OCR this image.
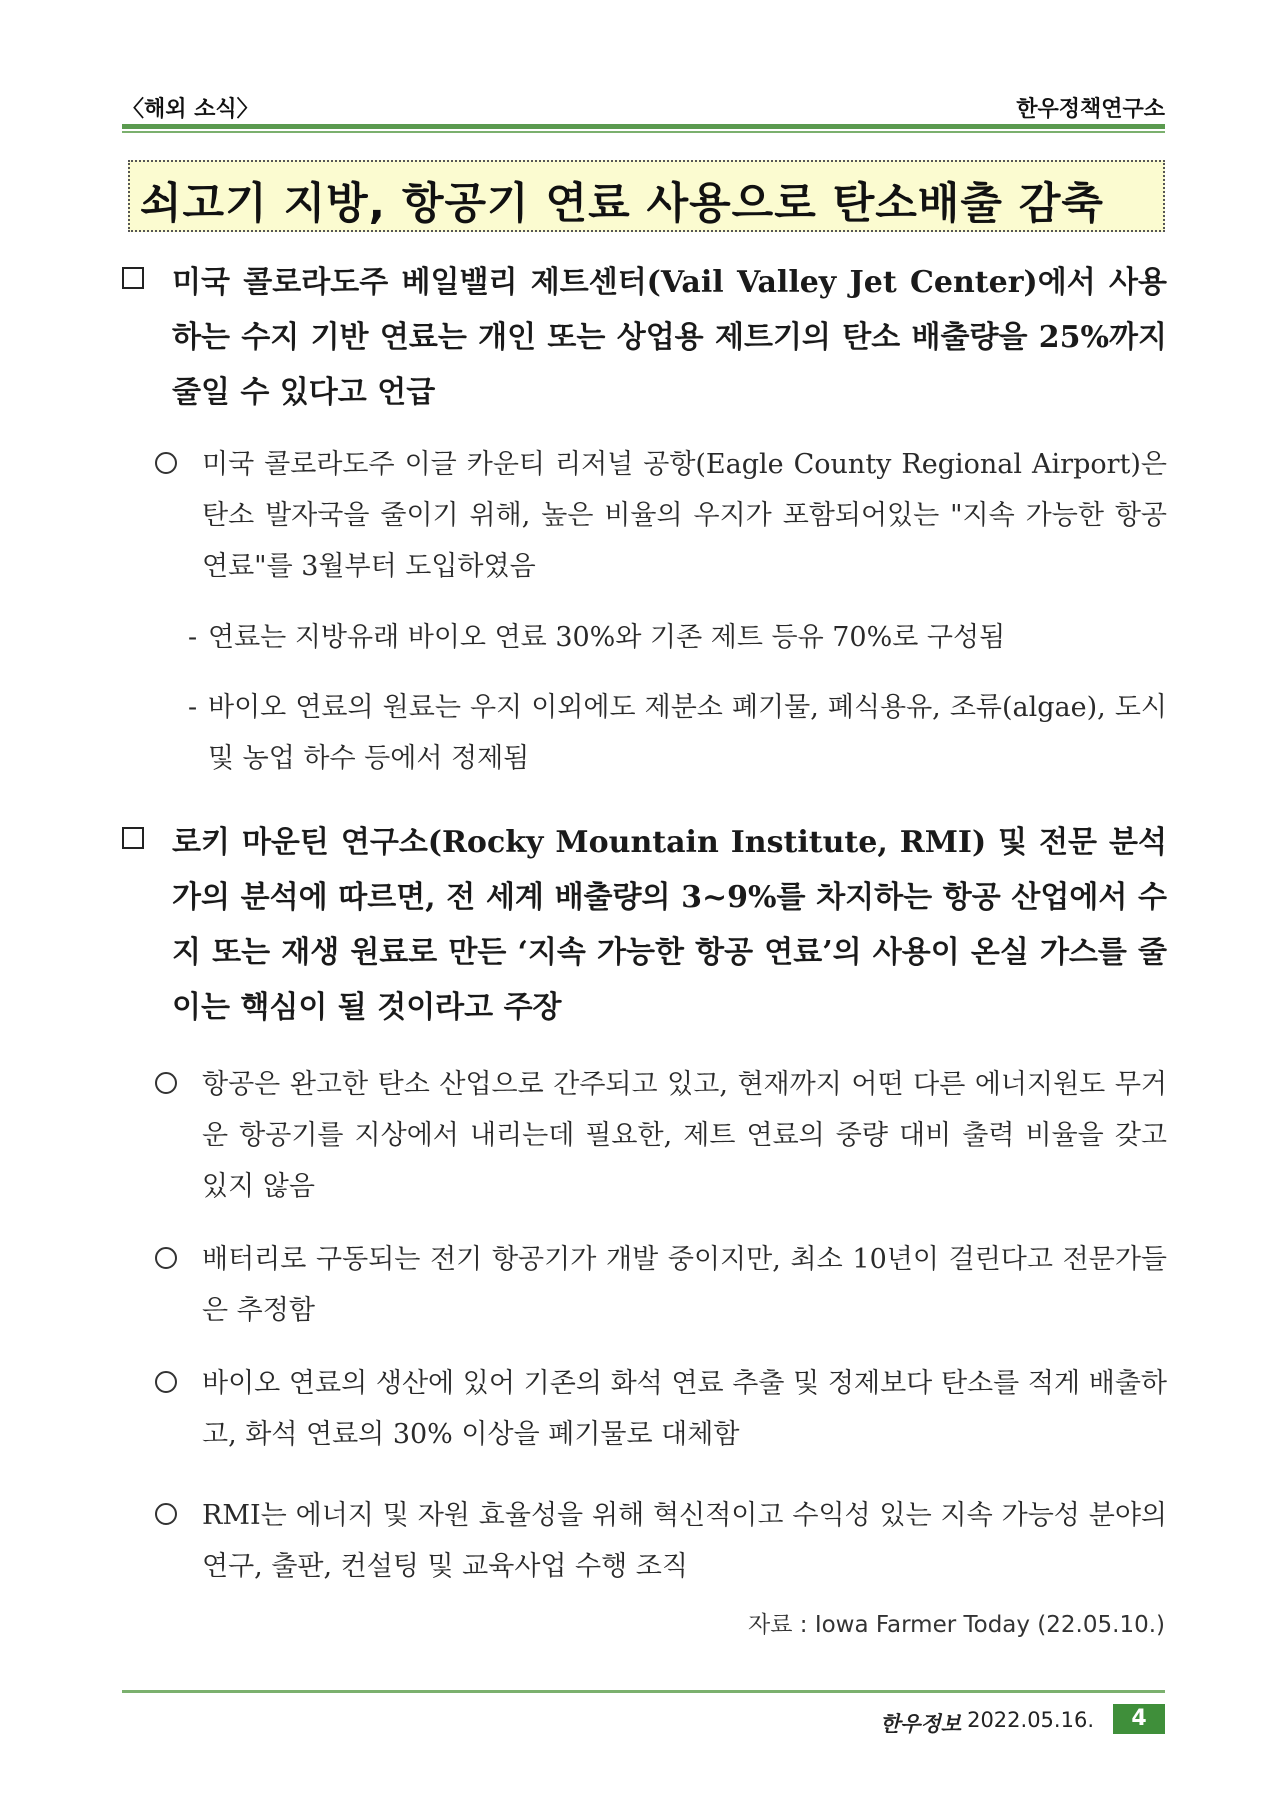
〈해외 소식〉	한우정책연구소
쇠고기 지방, 항공기 연료 사용으로 탄소배출 감축
미국 콜로라도주 베일밸리 제트센터(Vail Valley Jet Center)에서 사용하는 수지 기반 연료는 개인 또는 상업용 제트기의 탄소 배출량을 25%까지 줄일 수 있다고 언급
미국 콜로라도주 이글 카운티 리저널 공항(Eagle County Regional Airport)은 탄소 발자국을 줄이기 위해, 높은 비율의 우지가 포함되어있는 "지속 가능한 항공 연료"를 3월부터 도입하였음
- 연료는 지방유래 바이오 연료 30%와 기존 제트 등유 70%로 구성됨
- 바이오 연료의 원료는 우지 이외에도 제분소 폐기물, 폐식용유, 조류(algae), 도시 및 농업 하수 등에서 정제됨
로키 마운틴 연구소(Rocky Mountain Institute, RMI) 및 전문 분석가의 분석에 따르면, 전 세계 배출량의 3~9%를 차지하는 항공 산업에서 수지 또는 재생 원료로 만든 ‘지속 가능한 항공 연료’의 사용이 온실 가스를 줄이는 핵심이 될 것이라고 주장
항공은 완고한 탄소 산업으로 간주되고 있고, 현재까지 어떤 다른 에너지원도 무거운 항공기를 지상에서 내리는데 필요한, 제트 연료의 중량 대비 출력 비율을 갖고 있지 않음
배터리로 구동되는 전기 항공기가 개발 중이지만, 최소 10년이 걸린다고 전문가들은 추정함
바이오 연료의 생산에 있어 기존의 화석 연료 추출 및 정제보다 탄소를 적게 배출하고, 화석 연료의 30% 이상을 폐기물로 대체함
RMI는 에너지 및 자원 효율성을 위해 혁신적이고 수익성 있는 지속 가능성 분야의 연구, 출판, 컨설팅 및 교육사업 수행 조직
자료 : Iowa Farmer Today (22.05.10.)
한우정보 2022.05.16.	4
